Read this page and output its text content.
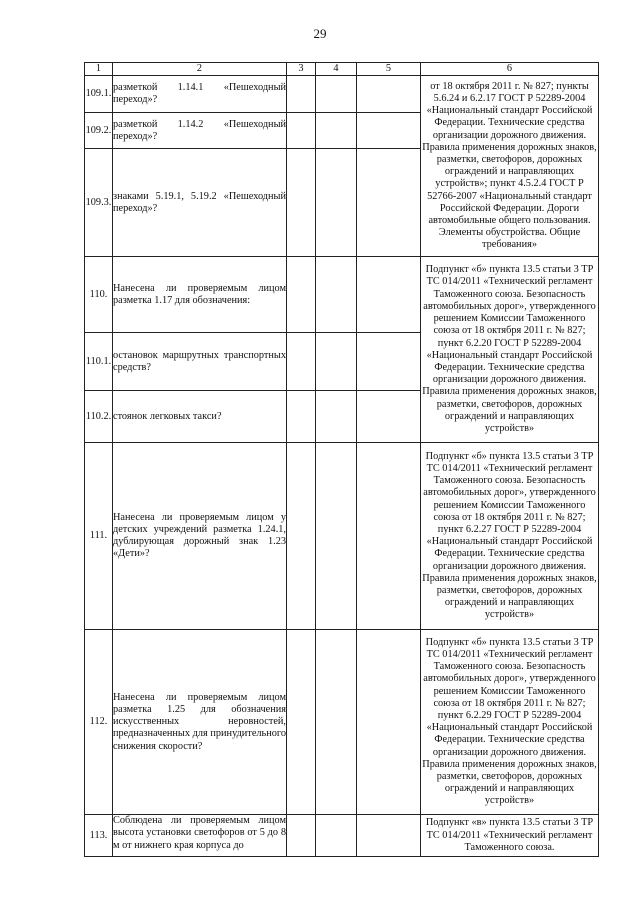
29
1	2	3	4	5	6
109.1.	разметкой 1.14.1 «Пешеходный переход»?				от 18 октября 2011 г. № 827; пункты 5.6.24 и 6.2.17 ГОСТ Р 52289-2004 «Национальный стандарт Российской Федерации. Технические средства организации дорожного движения. Правила применения дорожных знаков, разметки, светофоров, дорожных ограждений и направляющих устройств»; пункт 4.5.2.4 ГОСТ Р 52766-2007 «Национальный стандарт Российской Федерации. Дороги автомобильные общего пользования. Элементы обустройства. Общие требования»
109.2.	разметкой 1.14.2 «Пешеходный переход»?				

109.3.	знаками 5.19.1, 5.19.2 «Пешеходный переход»?				

110.	Нанесена ли проверяемым лицом разметка 1.17 для обозначения:				Подпункт «б» пункта 13.5 статьи 3 ТР ТС 014/2011 «Технический регламент Таможенного союза. Безопасность автомобильных дорог», утвержденного решением Комиссии Таможенного союза от 18 октября 2011 г. № 827; пункт 6.2.20 ГОСТ Р 52289-2004 «Национальный стандарт Российской Федерации. Технические средства организации дорожного движения. Правила применения дорожных знаков, разметки, светофоров, дорожных ограждений и направляющих устройств»
110.1.	остановок маршрутных транспортных средств?				

110.2.	стоянок легковых такси?				

111.	Нанесена ли проверяемым лицом у детских учреждений разметка 1.24.1, дублирующая дорожный знак 1.23 «Дети»?				Подпункт «б» пункта 13.5 статьи 3 ТР ТС 014/2011 «Технический регламент Таможенного союза. Безопасность автомобильных дорог», утвержденного решением Комиссии Таможенного союза от 18 октября 2011 г. № 827; пункт 6.2.27 ГОСТ Р 52289-2004 «Национальный стандарт Российской Федерации. Технические средства организации дорожного движения. Правила применения дорожных знаков, разметки, светофоров, дорожных ограждений и направляющих устройств»
112.	Нанесена ли проверяемым лицом разметка 1.25 для обозначения искусственных неровностей, предназначенных для принудительного снижения скорости?				Подпункт «б» пункта 13.5 статьи 3 ТР ТС 014/2011 «Технический регламент Таможенного союза. Безопасность автомобильных дорог», утвержденного решением Комиссии Таможенного союза от 18 октября 2011 г. № 827; пункт 6.2.29 ГОСТ Р 52289-2004 «Национальный стандарт Российской Федерации. Технические средства организации дорожного движения. Правила применения дорожных знаков, разметки, светофоров, дорожных ограждений и направляющих устройств»
113.	Соблюдена ли проверяемым лицом высота установки светофоров от 5 до 8 м от нижнего края корпуса до				Подпункт «в» пункта 13.5 статьи 3 ТР ТС 014/2011 «Технический регламент Таможенного союза.
